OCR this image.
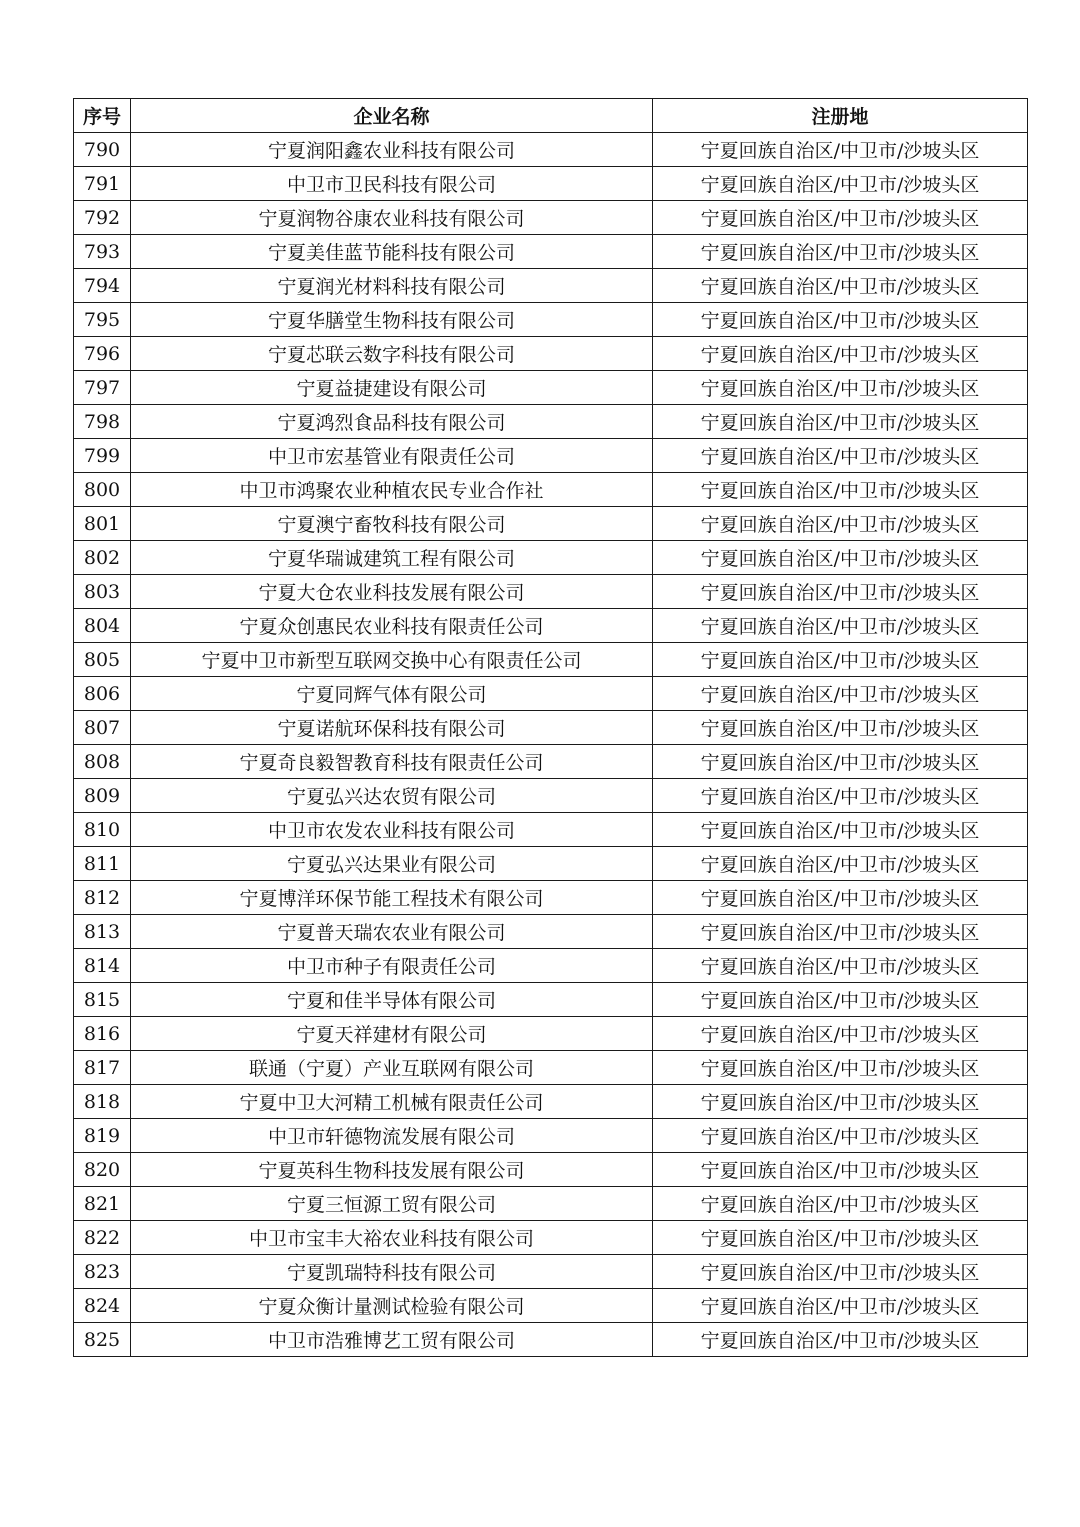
序号	企业名称	注册地
790	宁夏润阳鑫农业科技有限公司	宁夏回族自治区/中卫市/沙坡头区
791	中卫市卫民科技有限公司	宁夏回族自治区/中卫市/沙坡头区
792	宁夏润物谷康农业科技有限公司	宁夏回族自治区/中卫市/沙坡头区
793	宁夏美佳蓝节能科技有限公司	宁夏回族自治区/中卫市/沙坡头区
794	宁夏润光材料科技有限公司	宁夏回族自治区/中卫市/沙坡头区
795	宁夏华膳堂生物科技有限公司	宁夏回族自治区/中卫市/沙坡头区
796	宁夏芯联云数字科技有限公司	宁夏回族自治区/中卫市/沙坡头区
797	宁夏益捷建设有限公司	宁夏回族自治区/中卫市/沙坡头区
798	宁夏鸿烈食品科技有限公司	宁夏回族自治区/中卫市/沙坡头区
799	中卫市宏基管业有限责任公司	宁夏回族自治区/中卫市/沙坡头区
800	中卫市鸿聚农业种植农民专业合作社	宁夏回族自治区/中卫市/沙坡头区
801	宁夏澳宁畜牧科技有限公司	宁夏回族自治区/中卫市/沙坡头区
802	宁夏华瑞诚建筑工程有限公司	宁夏回族自治区/中卫市/沙坡头区
803	宁夏大仓农业科技发展有限公司	宁夏回族自治区/中卫市/沙坡头区
804	宁夏众创惠民农业科技有限责任公司	宁夏回族自治区/中卫市/沙坡头区
805	宁夏中卫市新型互联网交换中心有限责任公司	宁夏回族自治区/中卫市/沙坡头区
806	宁夏同辉气体有限公司	宁夏回族自治区/中卫市/沙坡头区
807	宁夏诺航环保科技有限公司	宁夏回族自治区/中卫市/沙坡头区
808	宁夏奇良毅智教育科技有限责任公司	宁夏回族自治区/中卫市/沙坡头区
809	宁夏弘兴达农贸有限公司	宁夏回族自治区/中卫市/沙坡头区
810	中卫市农发农业科技有限公司	宁夏回族自治区/中卫市/沙坡头区
811	宁夏弘兴达果业有限公司	宁夏回族自治区/中卫市/沙坡头区
812	宁夏博洋环保节能工程技术有限公司	宁夏回族自治区/中卫市/沙坡头区
813	宁夏普天瑞农农业有限公司	宁夏回族自治区/中卫市/沙坡头区
814	中卫市种子有限责任公司	宁夏回族自治区/中卫市/沙坡头区
815	宁夏和佳半导体有限公司	宁夏回族自治区/中卫市/沙坡头区
816	宁夏天祥建材有限公司	宁夏回族自治区/中卫市/沙坡头区
817	联通（宁夏）产业互联网有限公司	宁夏回族自治区/中卫市/沙坡头区
818	宁夏中卫大河精工机械有限责任公司	宁夏回族自治区/中卫市/沙坡头区
819	中卫市轩德物流发展有限公司	宁夏回族自治区/中卫市/沙坡头区
820	宁夏英科生物科技发展有限公司	宁夏回族自治区/中卫市/沙坡头区
821	宁夏三恒源工贸有限公司	宁夏回族自治区/中卫市/沙坡头区
822	中卫市宝丰大裕农业科技有限公司	宁夏回族自治区/中卫市/沙坡头区
823	宁夏凯瑞特科技有限公司	宁夏回族自治区/中卫市/沙坡头区
824	宁夏众衡计量测试检验有限公司	宁夏回族自治区/中卫市/沙坡头区
825	中卫市浩雅博艺工贸有限公司	宁夏回族自治区/中卫市/沙坡头区
